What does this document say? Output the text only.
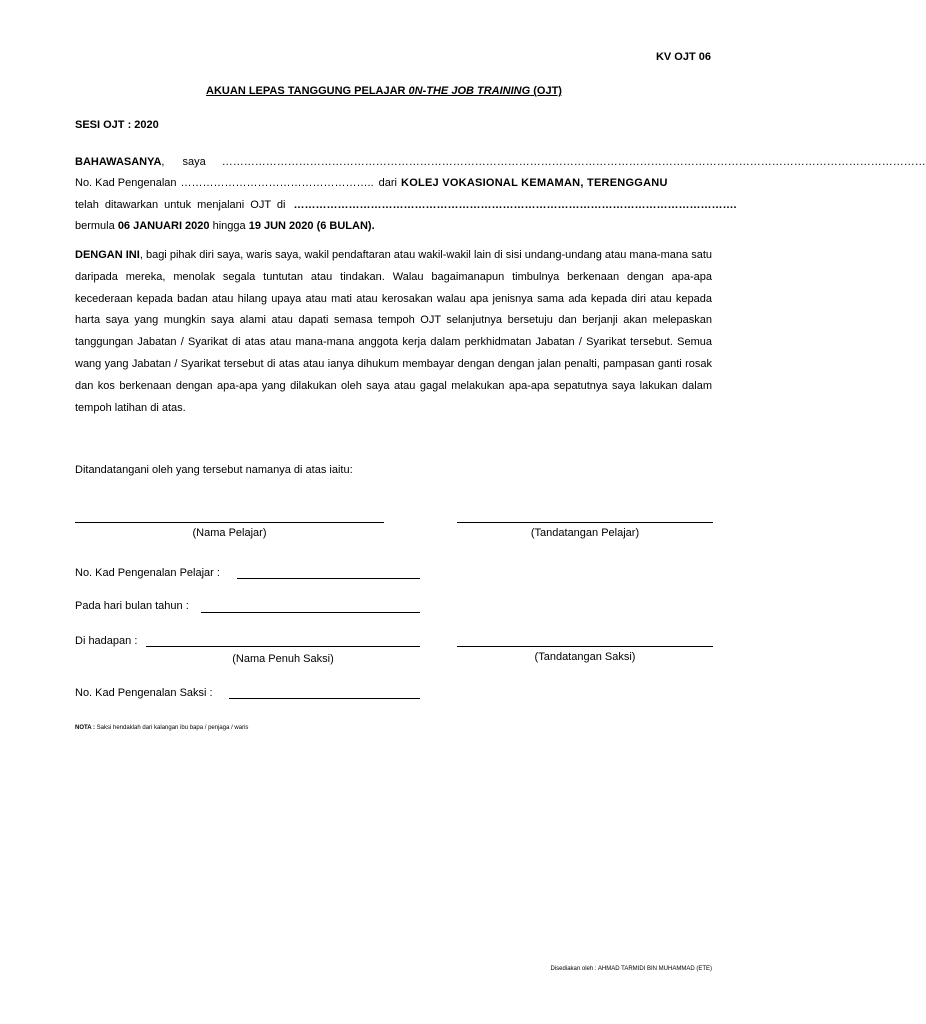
KV OJT 06
AKUAN LEPAS TANGGUNG PELAJAR 0N-THE JOB TRAINING (OJT)
SESI OJT : 2020
BAHAWASANYA , saya …………………………………………………………………………………………………………………………………………………………………………
No. Kad Pengenalan …………………………………………….. dari KOLEJ VOKASIONAL KEMAMAN, TERENGGANU
telah ditawarkan untuk menjalani OJT di ………………………………………………………………………………………………………….
bermula 06 JANUARI 2020 hingga 19 JUN 2020 (6 BULAN).
DENGAN INI, bagi pihak diri saya, waris saya, wakil pendaftaran atau wakil-wakil lain di sisi undang-undang atau mana-mana satu daripada mereka, menolak segala tuntutan atau tindakan. Walau bagaimanapun timbulnya berkenaan dengan apa-apa kecederaan kepada badan atau hilang upaya atau mati atau kerosakan walau apa jenisnya sama ada kepada diri atau kepada harta saya yang mungkin saya alami atau dapati semasa tempoh OJT selanjutnya bersetuju dan berjanji akan melepaskan tanggungan Jabatan / Syarikat di atas atau mana-mana anggota kerja dalam perkhidmatan Jabatan / Syarikat tersebut. Semua wang yang Jabatan / Syarikat tersebut di atas atau ianya dihukum membayar dengan dengan jalan penalti, pampasan ganti rosak dan kos berkenaan dengan apa-apa yang dilakukan oleh saya atau gagal melakukan apa-apa sepatutnya saya lakukan dalam tempoh latihan di atas.
Ditandatangani oleh yang tersebut namanya di atas iaitu:
(Nama Pelajar)	(Tandatangan Pelajar)
No. Kad Pengenalan Pelajar :
Pada hari bulan tahun :
Di hadapan :
(Nama Penuh Saksi)	(Tandatangan Saksi)
No. Kad Pengenalan Saksi :
NOTA : Saksi hendaklah dari kalangan ibu bapa / penjaga / waris
Disediakan oleh : AHMAD TARMIDI BIN MUHAMMAD (ETE)
